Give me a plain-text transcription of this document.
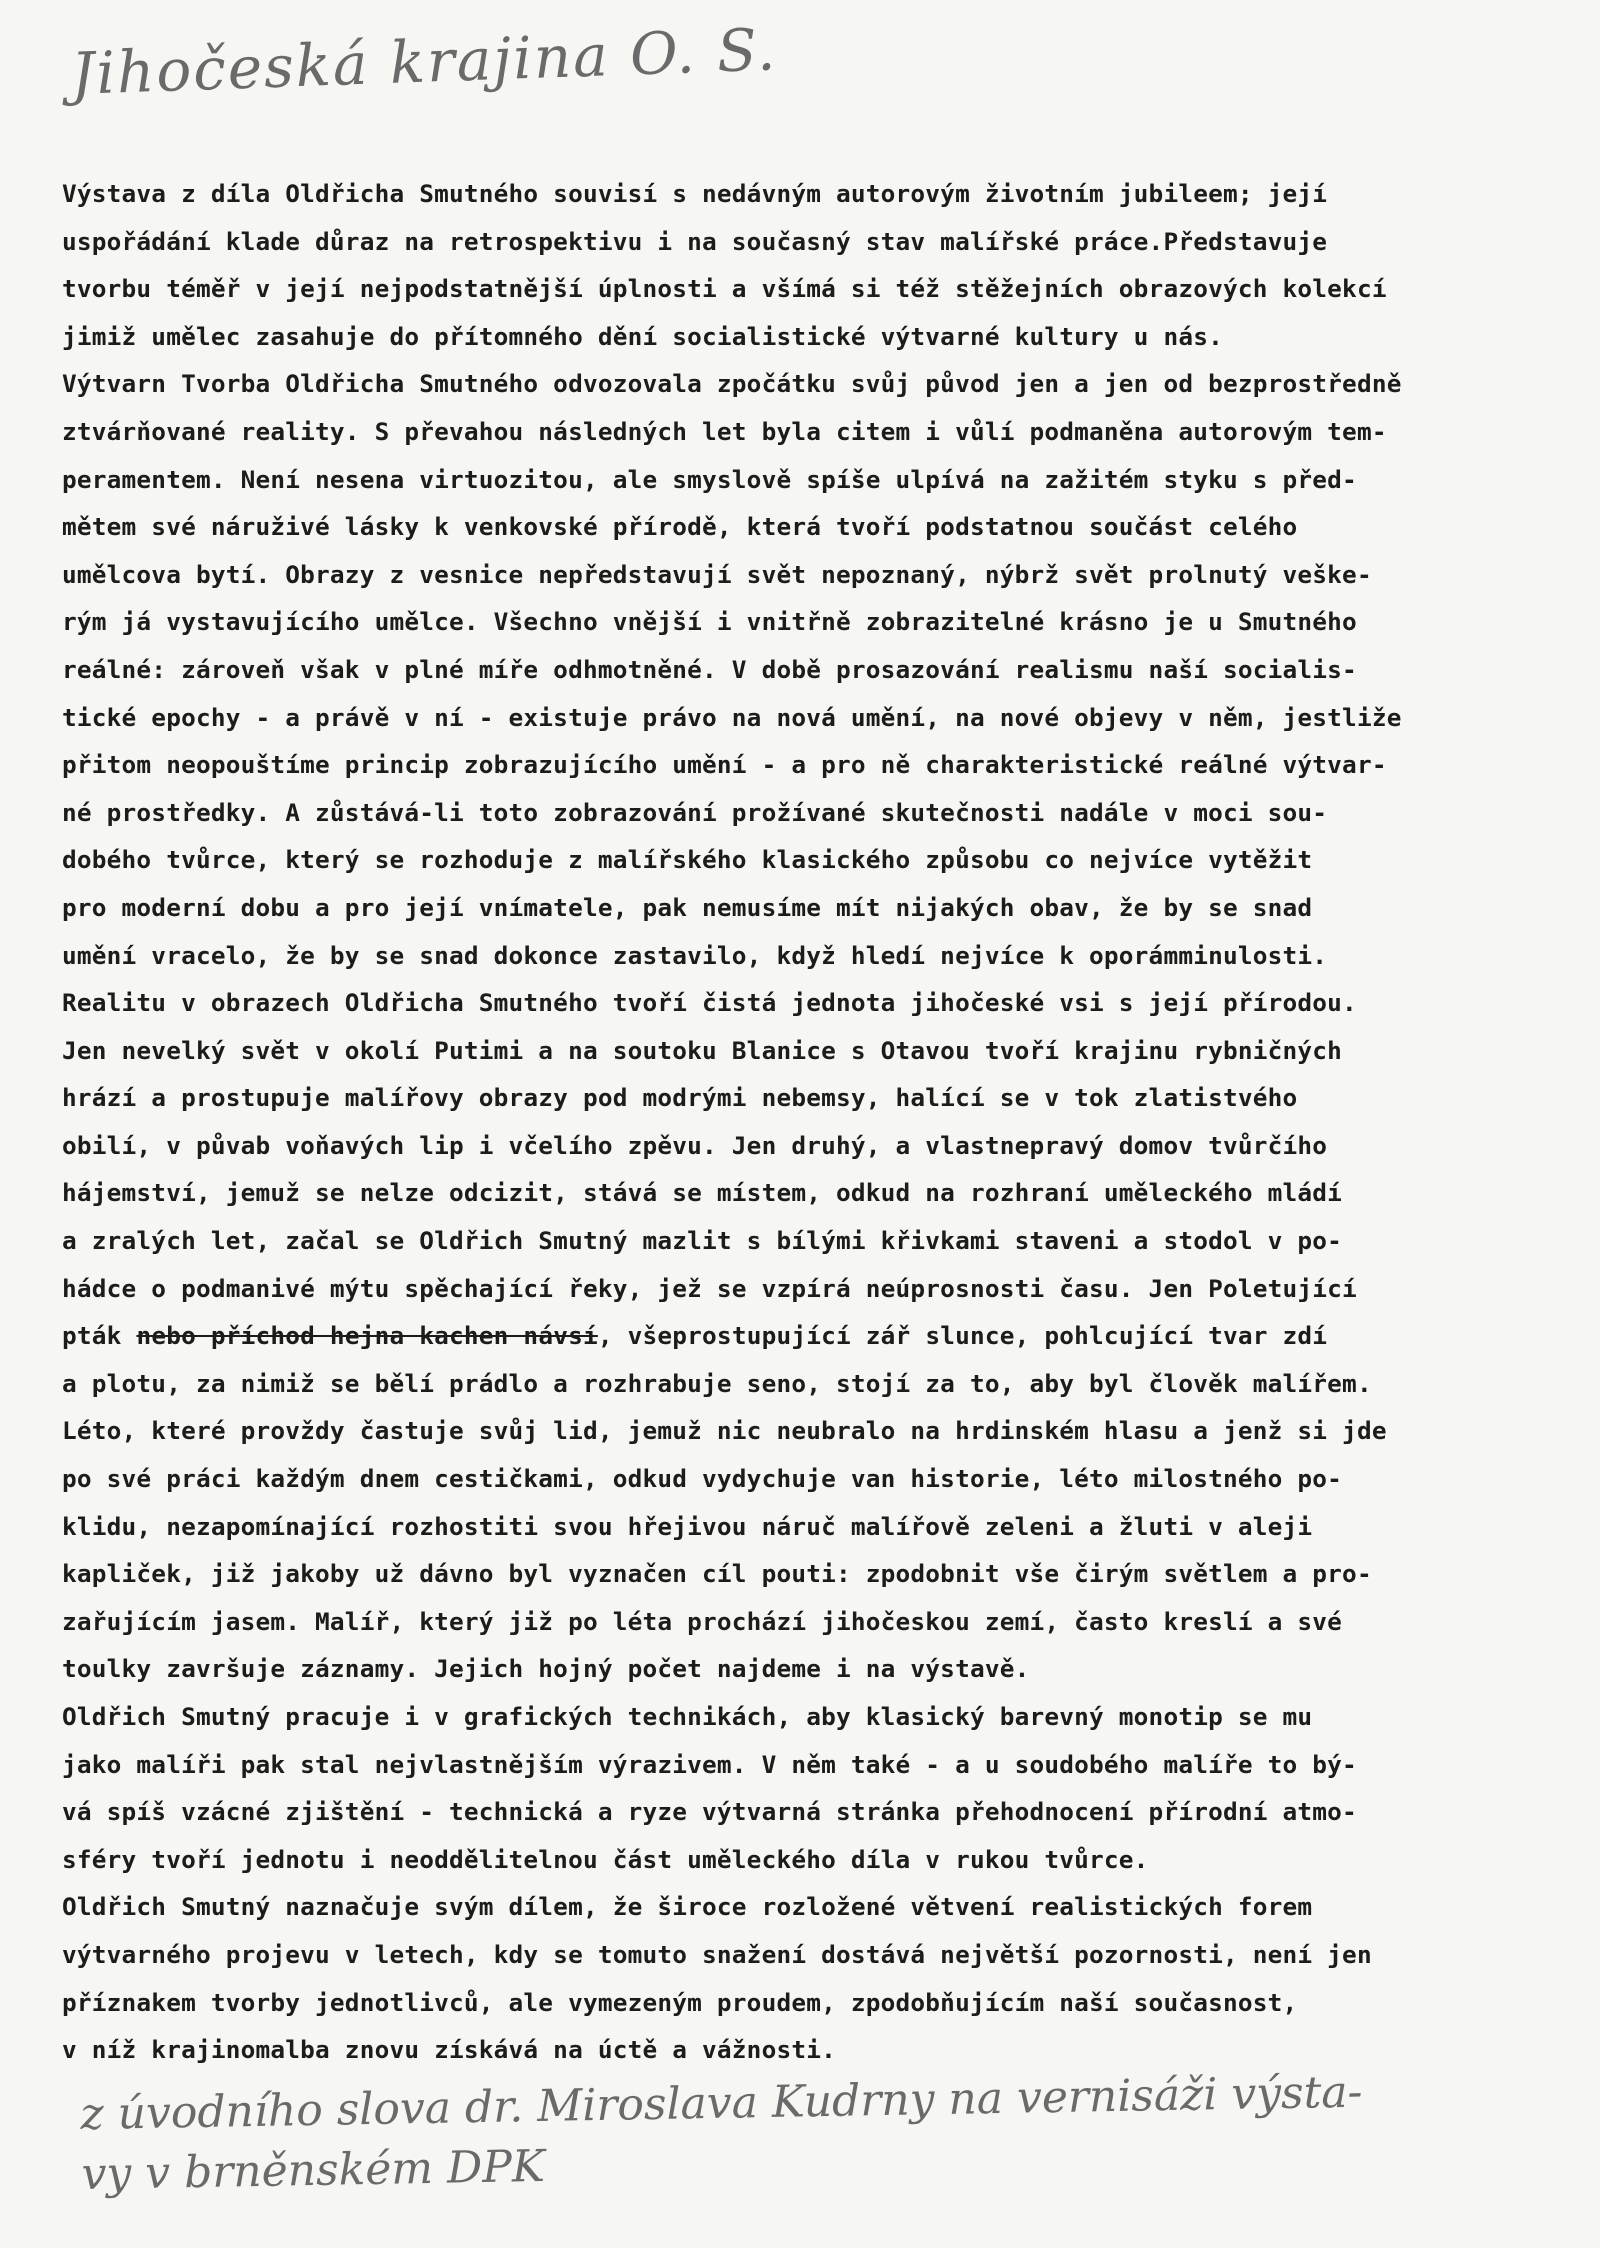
Jihočeská krajina O. S.
Výstava z díla Oldřicha Smutného souvisí s nedávným autorovým životním jubileem; její
uspořádání klade důraz na retrospektivu i na současný stav malířské práce.Představuje
tvorbu téměř v její nejpodstatnější úplnosti a všímá si též stěžejních obrazových kolekcí
jimiž umělec zasahuje do přítomného dění socialistické výtvarné kultury u nás.
Výtvarn Tvorba Oldřicha Smutného odvozovala zpočátku svůj původ jen a jen od bezprostředně
ztvárňované reality. S převahou následných let byla citem i vůlí podmaněna autorovým tem-
peramentem. Není nesena virtuozitou, ale smyslově spíše ulpívá na zažitém styku s před-
mětem své náruživé lásky k venkovské přírodě, která tvoří podstatnou součást celého
umělcova bytí. Obrazy z vesnice nepředstavují svět nepoznaný, nýbrž svět prolnutý veške-
rým já vystavujícího umělce. Všechno vnější i vnitřně zobrazitelné krásno je u Smutného
reálné: zároveň však v plné míře odhmotněné. V době prosazování realismu naší socialis-
tické epochy - a právě v ní - existuje právo na nová umění, na nové objevy v něm, jestliže
přitom neopouštíme princip zobrazujícího umění - a pro ně charakteristické reálné výtvar-
né prostředky. A zůstává-li toto zobrazování prožívané skutečnosti nadále v moci sou-
dobého tvůrce, který se rozhoduje z malířského klasického způsobu co nejvíce vytěžit
pro moderní dobu a pro její vnímatele, pak nemusíme mít nijakých obav, že by se snad
umění vracelo, že by se snad dokonce zastavilo, když hledí nejvíce k oporámminulosti.
Realitu v obrazech Oldřicha Smutného tvoří čistá jednota jihočeské vsi s její přírodou.
Jen nevelký svět v okolí Putimi a na soutoku Blanice s Otavou tvoří krajinu rybničných
hrází a prostupuje malířovy obrazy pod modrými nebemsy, halící se v tok zlatistvého
obilí, v půvab voňavých lip i včelího zpěvu. Jen druhý, a vlastnepravý domov tvůrčího
hájemství, jemuž se nelze odcizit, stává se místem, odkud na rozhraní uměleckého mládí
a zralých let, začal se Oldřich Smutný mazlit s bílými křivkami staveni a stodol v po-
hádce o podmanivé mýtu spěchající řeky, jež se vzpírá neúprosnosti času. Jen Poletující
pták nebo příchod hejna kachen návsí, všeprostupující zář slunce, pohlcující tvar zdí
a plotu, za nimiž se bělí prádlo a rozhrabuje seno, stojí za to, aby byl člověk malířem.
Léto, které provždy častuje svůj lid, jemuž nic neubralo na hrdinském hlasu a jenž si jde
po své práci každým dnem cestičkami, odkud vydychuje van historie, léto milostného po-
klidu, nezapomínající rozhostiti svou hřejivou náruč malířově zeleni a žluti v aleji
kapliček, již jakoby už dávno byl vyznačen cíl pouti: zpodobnit vše čirým světlem a pro-
zařujícím jasem. Malíř, který již po léta prochází jihočeskou zemí, často kreslí a své
toulky završuje záznamy. Jejich hojný počet najdeme i na výstavě.
Oldřich Smutný pracuje i v grafických technikách, aby klasický barevný monotip se mu
jako malíři pak stal nejvlastnějším výrazivem. V něm také - a u soudobého malíře to bý-
vá spíš vzácné zjištění - technická a ryze výtvarná stránka přehodnocení přírodní atmo-
sféry tvoří jednotu i neoddělitelnou část uměleckého díla v rukou tvůrce.
Oldřich Smutný naznačuje svým dílem, že široce rozložené větvení realistických forem
výtvarného projevu v letech, kdy se tomuto snažení dostává největší pozornosti, není jen
příznakem tvorby jednotlivců, ale vymezeným proudem, zpodobňujícím naší současnost,
v níž krajinomalba znovu získává na úctě a vážnosti.
z úvodního slova dr. Miroslava Kudrny na vernisáži výsta-
vy v brněnském DPK
